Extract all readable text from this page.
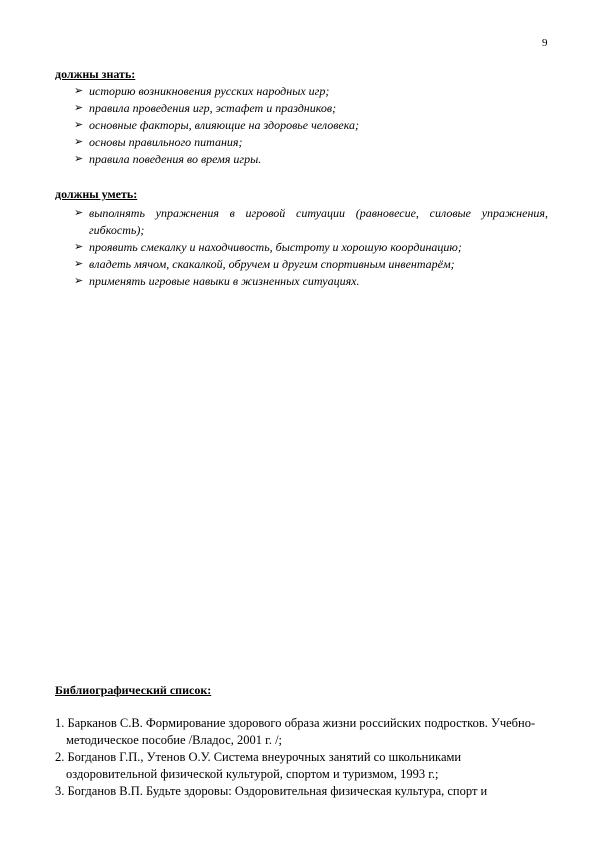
9
должны знать:
➢ историю возникновения русских народных игр;
➢ правила проведения игр, эстафет и праздников;
➢ основные факторы, влияющие на здоровье человека;
➢ основы правильного питания;
➢ правила поведения во время игры.
должны уметь:
➢ выполнять упражнения в игровой ситуации (равновесие, силовые упражнения, гибкость);
➢ проявить смекалку и находчивость, быстроту и хорошую координацию;
➢ владеть мячом, скакалкой, обручем и другим спортивным инвентарём;
➢ применять игровые навыки в жизненных ситуациях.
Библиографический список:
1. Барканов С.В. Формирование здорового образа жизни российских подростков. Учебно-методическое пособие /Владос, 2001 г. /;
2. Богданов Г.П., Утенов О.У. Система внеурочных занятий со школьниками оздоровительной физической культурой, спортом и туризмом, 1993 г.;
3. Богданов В.П. Будьте здоровы: Оздоровительная физическая культура, спорт и
